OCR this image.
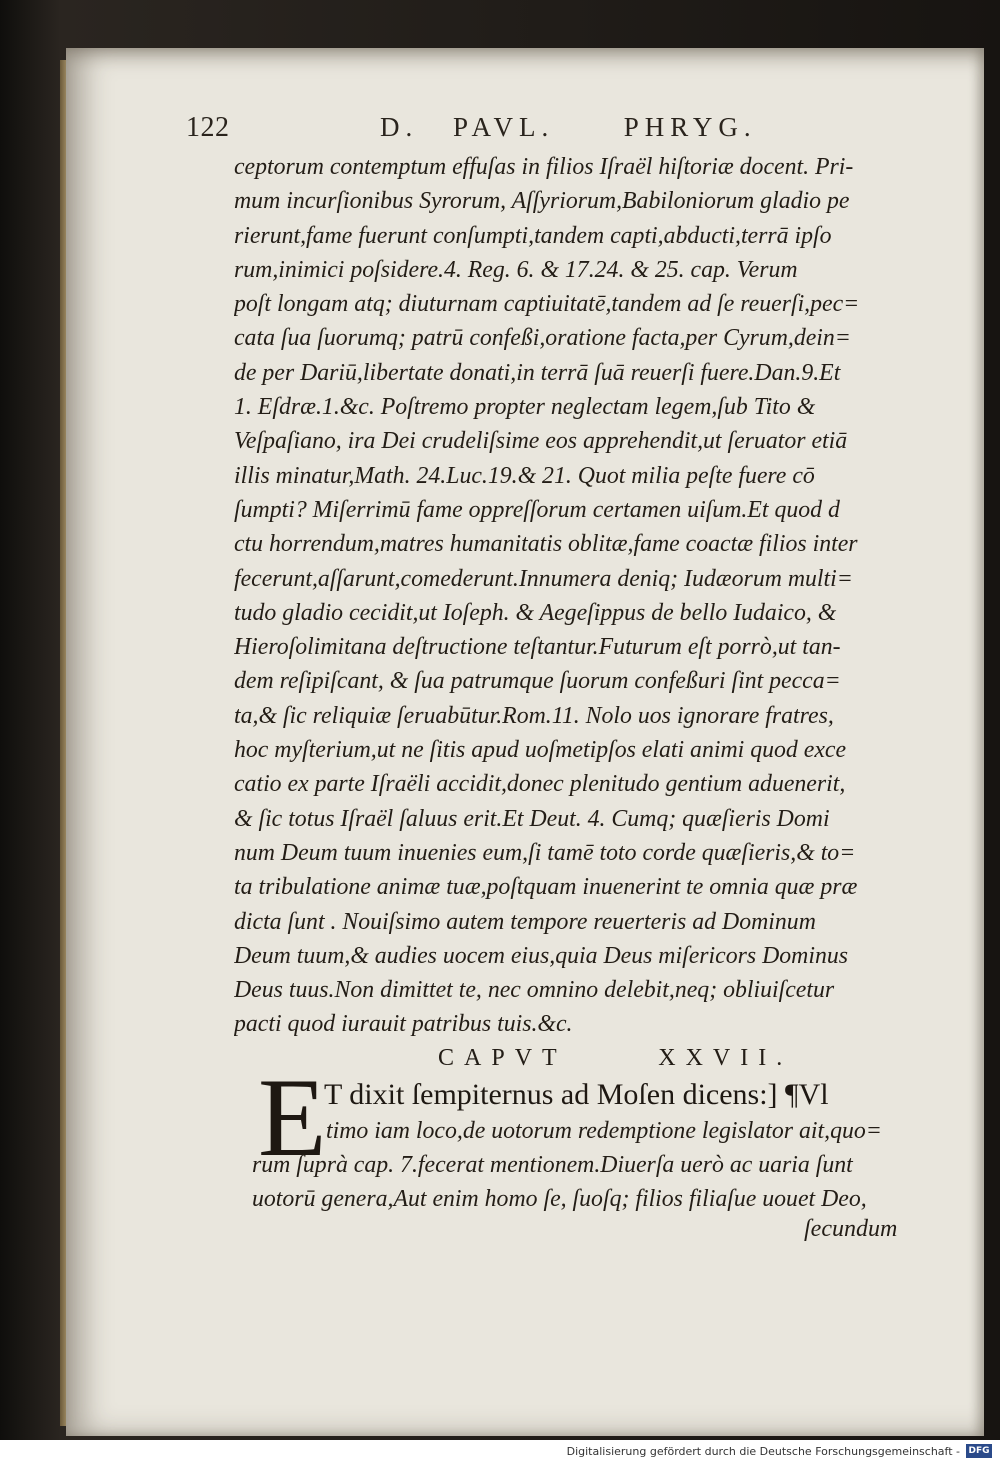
122	D. PAVL.  PHRYG.
ceptorum contemptum effuſas in filios Iſraël hiſtoriæ docent. Pri-
mum incurſionibus Syrorum, Aſſyriorum,Babiloniorum gladio pe
rierunt,fame fuerunt conſumpti,tandem capti,abducti,terrā ipſo
rum,inimici poſsidere.4. Reg. 6. & 17.24. & 25. cap. Verum
poſt longam atq; diuturnam captiuitatē,tandem ad ſe reuerſi,pec=
cata ſua ſuorumq; patrū confeßi,oratione facta,per Cyrum,dein=
de per Dariū,libertate donati,in terrā ſuā reuerſi fuere.Dan.9.Et
1. Eſdræ.1.&c. Poſtremo propter neglectam legem,ſub Tito &
Veſpaſiano, ira Dei crudeliſsime eos apprehendit,ut ſeruator etiā
illis minatur,Math. 24.Luc.19.& 21. Quot milia peſte fuere cō
ſumpti? Miſerrimū fame oppreſſorum certamen uiſum.Et quod d
ctu horrendum,matres humanitatis oblitæ,fame coactæ filios inter
fecerunt,aſſarunt,comederunt.Innumera deniq; Iudæorum multi=
tudo gladio cecidit,ut Ioſeph. & Aegeſippus de bello Iudaico, &
Hieroſolimitana deſtructione teſtantur.Futurum eſt porrò,ut tan-
dem reſipiſcant, & ſua patrumque ſuorum confeßuri ſint pecca=
ta,& ſic reliquiæ ſeruabūtur.Rom.11. Nolo uos ignorare fratres,
hoc myſterium,ut ne ſitis apud uoſmetipſos elati animi quod exce
catio ex parte Iſraëli accidit,donec plenitudo gentium aduenerit,
& ſic totus Iſraël ſaluus erit.Et Deut. 4. Cumq; quæſieris Domi
num Deum tuum inuenies eum,ſi tamē toto corde quæſieris,& to=
ta tribulatione animæ tuæ,poſtquam inuenerint te omnia quæ præ
dicta ſunt . Nouiſsimo autem tempore reuerteris ad Dominum
Deum tuum,& audies uocem eius,quia Deus miſericors Dominus
Deus tuus.Non dimittet te, nec omnino delebit,neq; obliuiſcetur
pacti quod iurauit patribus tuis.&c.
CAPVT  XXVII.
E
T dixit ſempiternus ad Moſen dicens:] ¶Vl
timo iam loco,de uotorum redemptione legislator ait,quo=
rum ſuprà cap. 7.fecerat mentionem.Diuerſa uerò ac uaria ſunt
uotorū genera,Aut enim homo ſe, ſuoſq; filios filiaſue uouet Deo,
ſecundum
Digitalisierung gefördert durch die Deutsche Forschungsgemeinschaft - DFG
